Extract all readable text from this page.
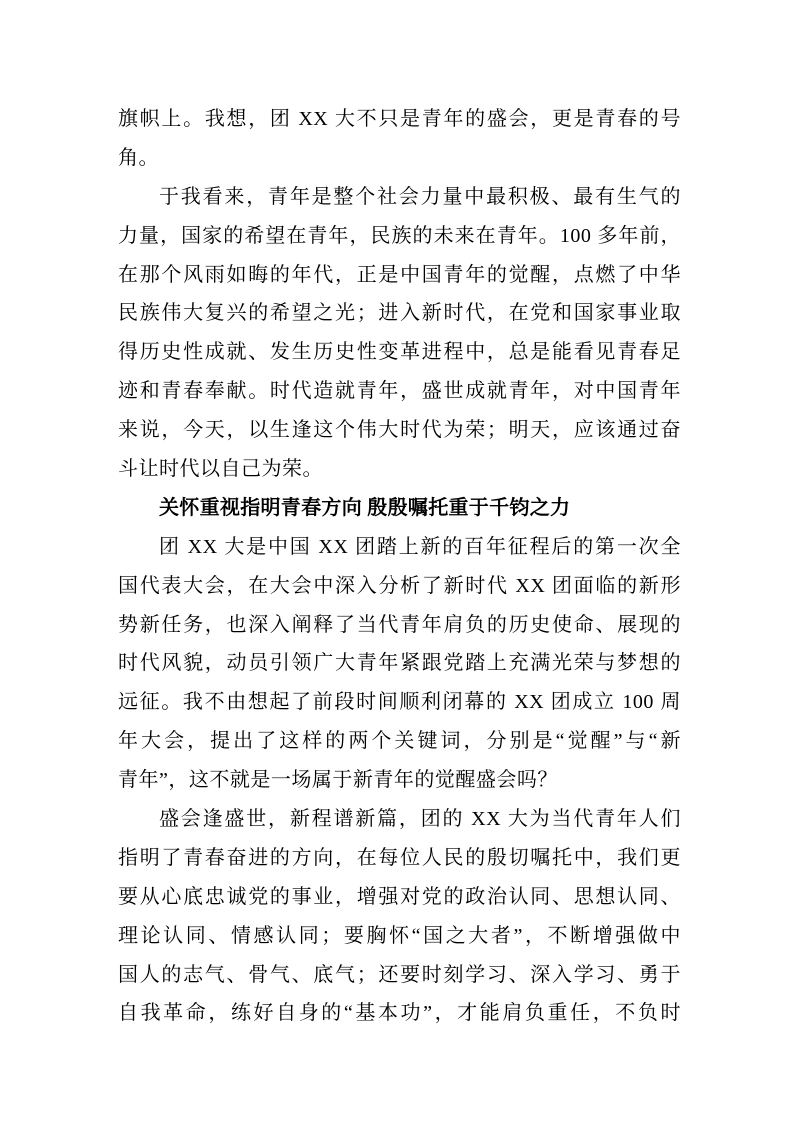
旗帜上。我想，团 XX 大不只是青年的盛会，更是青春的号
角。
于我看来，青年是整个社会力量中最积极、最有生气的
力量，国家的希望在青年，民族的未来在青年。100 多年前，
在那个风雨如晦的年代，正是中国青年的觉醒，点燃了中华
民族伟大复兴的希望之光；进入新时代，在党和国家事业取
得历史性成就、发生历史性变革进程中，总是能看见青春足
迹和青春奉献。时代造就青年，盛世成就青年，对中国青年
来说，今天，以生逢这个伟大时代为荣；明天，应该通过奋
斗让时代以自己为荣。
关怀重视指明青春方向 殷殷嘱托重于千钧之力
团 XX 大是中国 XX 团踏上新的百年征程后的第一次全
国代表大会，在大会中深入分析了新时代 XX 团面临的新形
势新任务，也深入阐释了当代青年肩负的历史使命、展现的
时代风貌，动员引领广大青年紧跟党踏上充满光荣与梦想的
远征。我不由想起了前段时间顺利闭幕的 XX 团成立 100 周
年大会，提出了这样的两个关键词，分别是“觉醒”与“新
青年”，这不就是一场属于新青年的觉醒盛会吗？
盛会逢盛世，新程谱新篇，团的 XX 大为当代青年人们
指明了青春奋进的方向，在每位人民的殷切嘱托中，我们更
要从心底忠诚党的事业，增强对党的政治认同、思想认同、
理论认同、情感认同；要胸怀“国之大者”，不断增强做中
国人的志气、骨气、底气；还要时刻学习、深入学习、勇于
自我革命，练好自身的“基本功”，才能肩负重任，不负时
